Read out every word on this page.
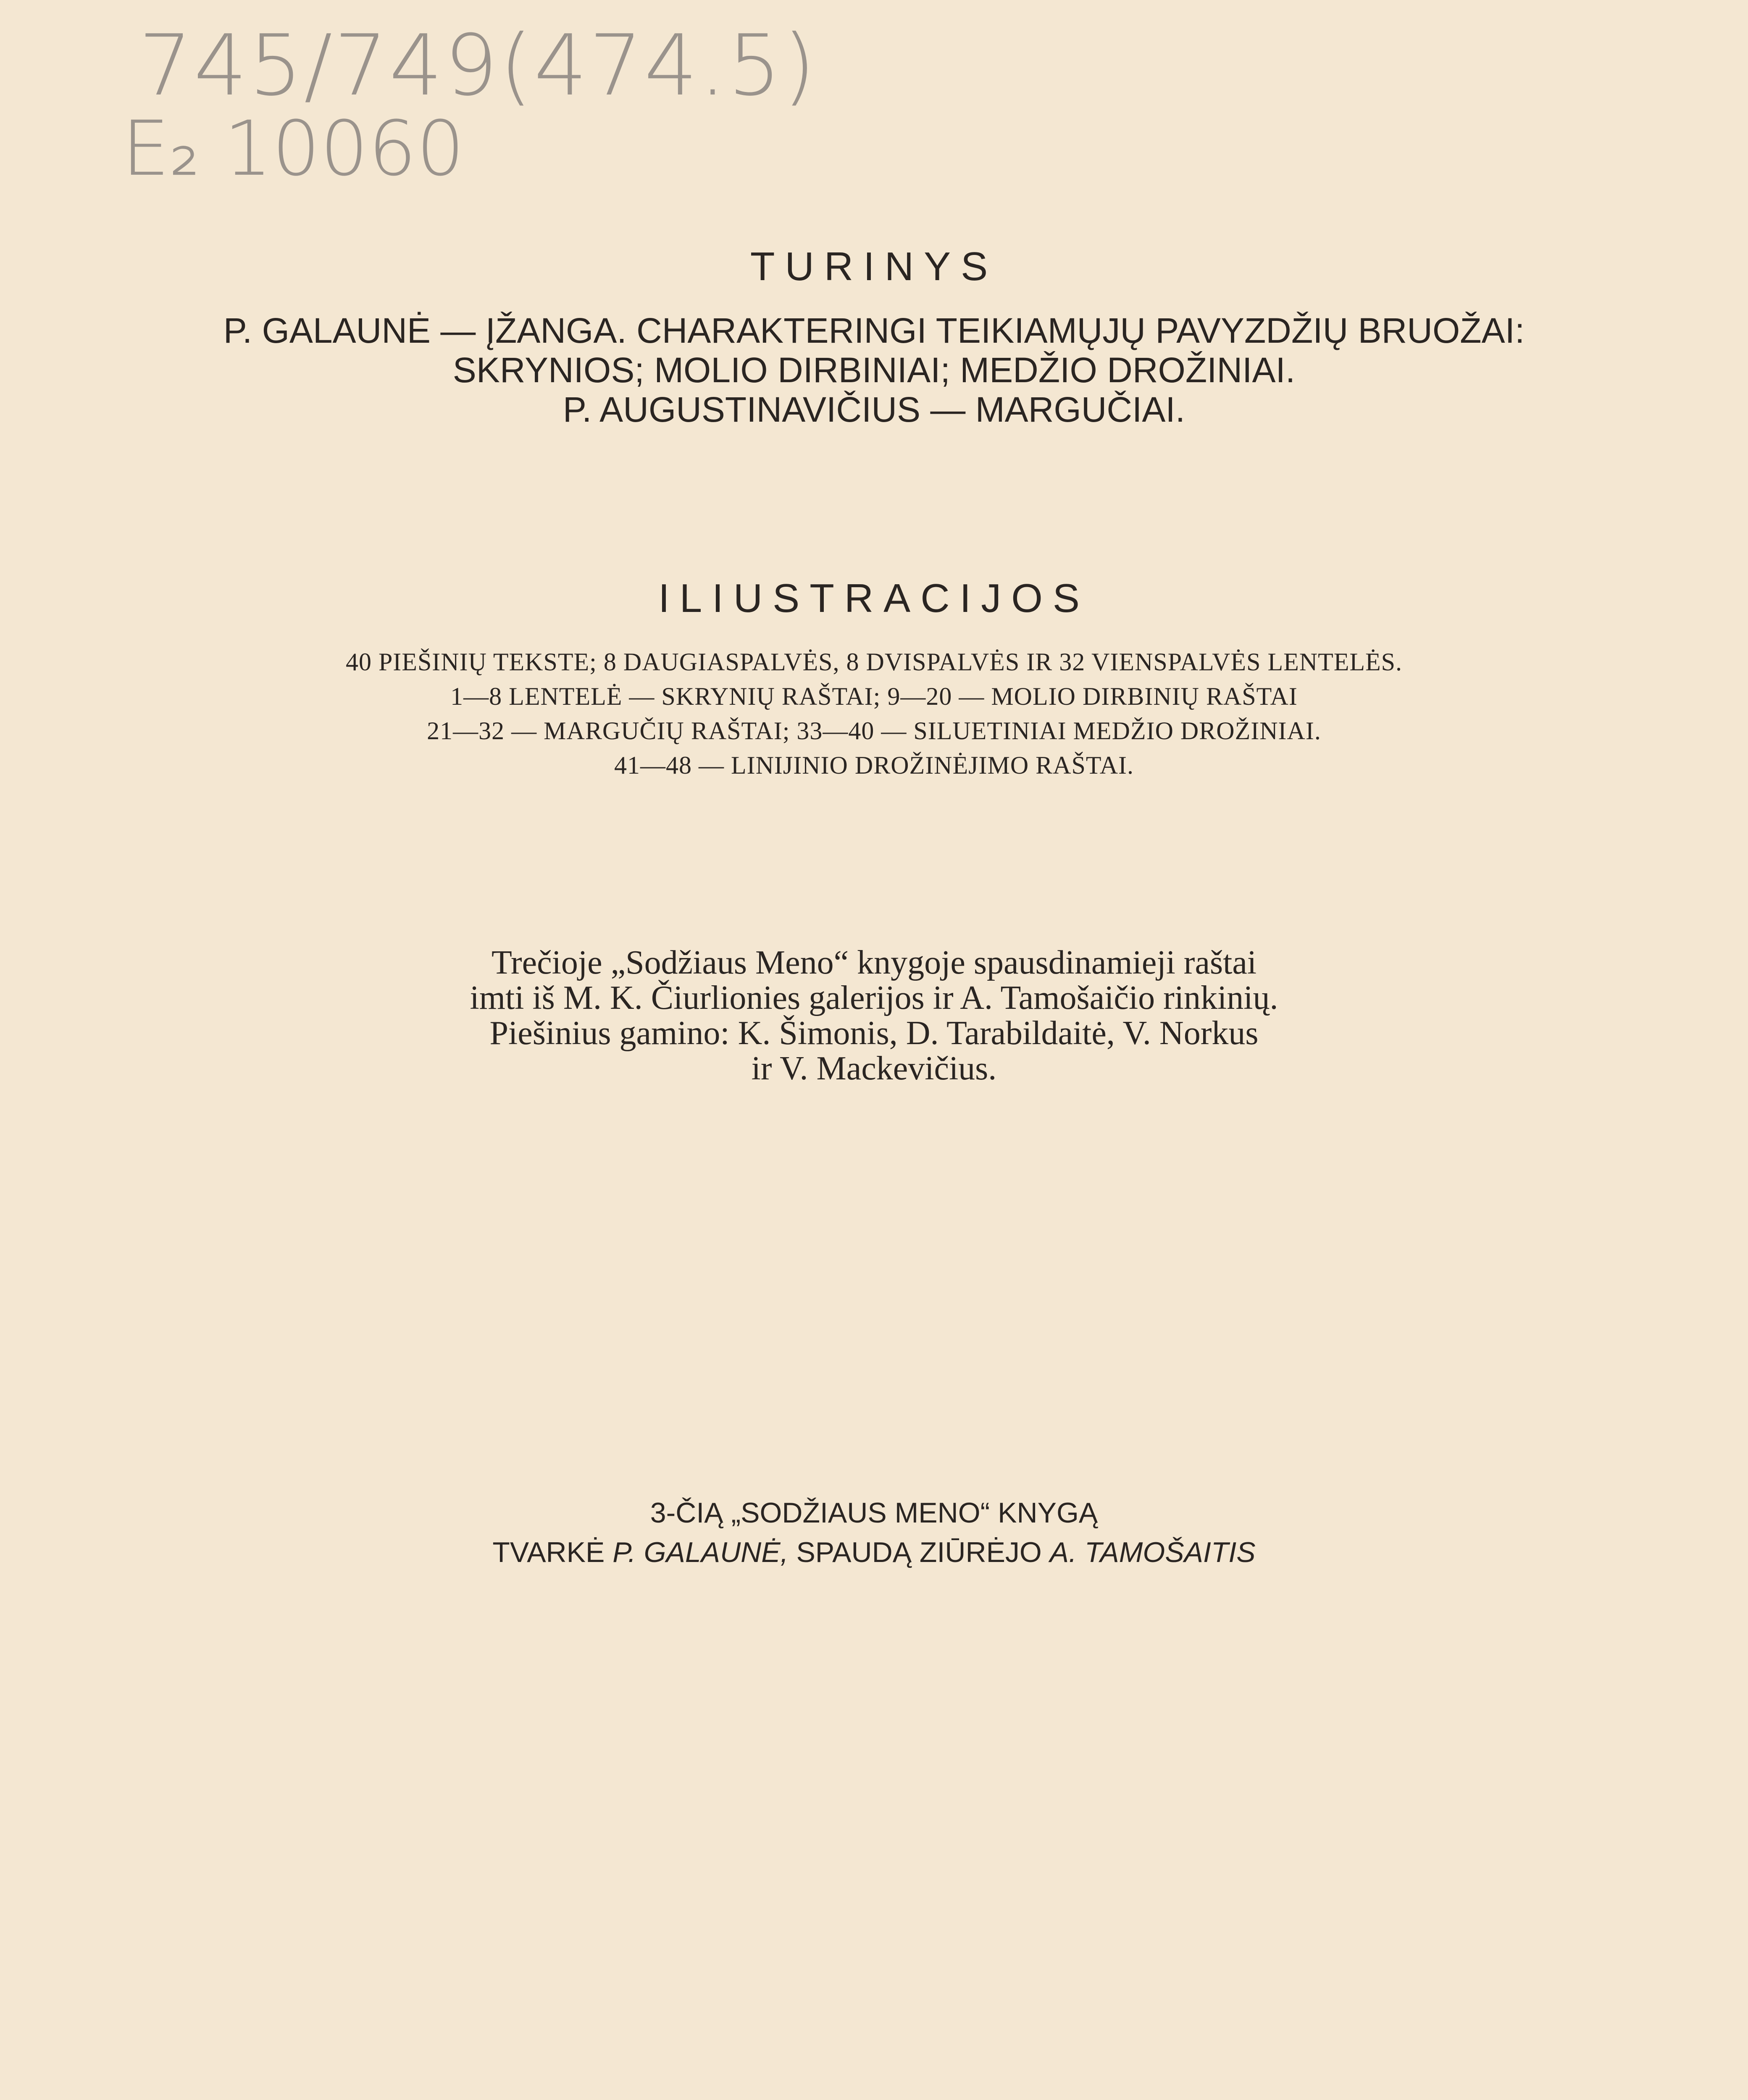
745/749(474.5)
E₂ 10060
TURINYS
P. GALAUNĖ — ĮŽANGA. CHARAKTERINGI TEIKIAMŲJŲ PAVYZDŽIŲ BRUOŽAI:
SKRYNIOS; MOLIO DIRBINIAI; MEDŽIO DROŽINIAI.
P. AUGUSTINAVIČIUS — MARGUČIAI.
ILIUSTRACIJOS
40 PIEŠINIŲ TEKSTE; 8 DAUGIASPALVĖS, 8 DVISPALVĖS IR 32 VIENSPALVĖS LENTELĖS.
1—8 LENTELĖ — SKRYNIŲ RAŠTAI; 9—20 — MOLIO DIRBINIŲ RAŠTAI
21—32 — MARGUČIŲ RAŠTAI; 33—40 — SILUETINIAI MEDŽIO DROŽINIAI.
41—48 — LINIJINIO DROŽINĖJIMO RAŠTAI.
Trečioje „Sodžiaus Meno“ knygoje spausdinamieji raštai
imti iš M. K. Čiurlionies galerijos ir A. Tamošaičio rinkinių.
Piešinius gamino: K. Šimonis, D. Tarabildaitė, V. Norkus
ir V. Mackevičius.
3-ČIĄ „SODŽIAUS MENO“ KNYGĄ
TVARKĖ P. GALAUNĖ, SPAUDĄ ZIŪRĖJO A. TAMOŠAITIS
